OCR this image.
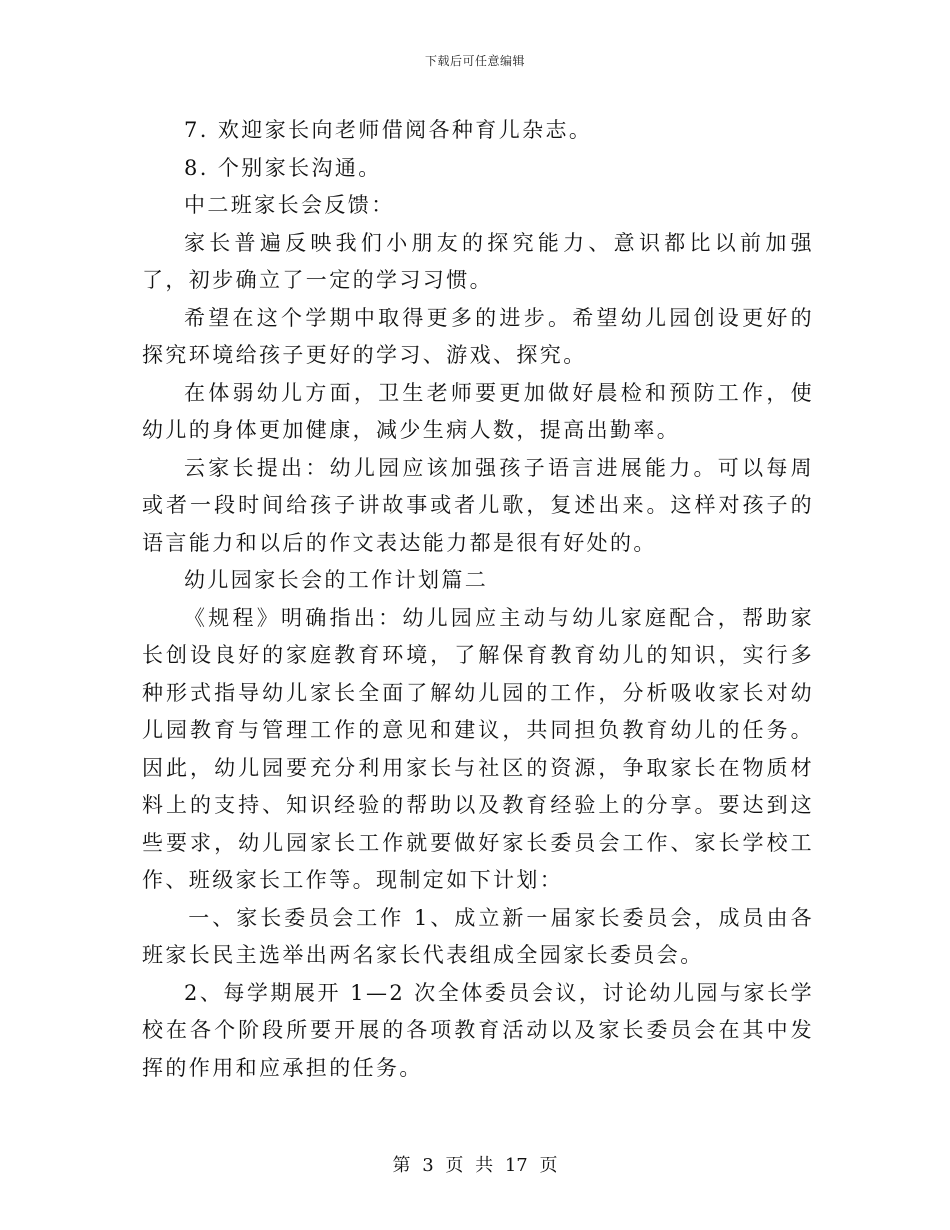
下载后可任意编辑

7. 欢迎家长向老师借阅各种育儿杂志。

8. 个别家长沟通。

中二班家长会反馈：

家长普遍反映我们小朋友的探究能力、意识都比以前加强了，初步确立了一定的学习习惯。

希望在这个学期中取得更多的进步。希望幼儿园创设更好的探究环境给孩子更好的学习、游戏、探究。

在体弱幼儿方面，卫生老师要更加做好晨检和预防工作，使幼儿的身体更加健康，减少生病人数，提高出勤率。

云家长提出：幼儿园应该加强孩子语言进展能力。可以每周或者一段时间给孩子讲故事或者儿歌，复述出来。这样对孩子的语言能力和以后的作文表达能力都是很有好处的。

幼儿园家长会的工作计划篇二

《规程》明确指出：幼儿园应主动与幼儿家庭配合，帮助家长创设良好的家庭教育环境，了解保育教育幼儿的知识，实行多种形式指导幼儿家长全面了解幼儿园的工作，分析吸收家长对幼儿园教育与管理工作的意见和建议，共同担负教育幼儿的任务。因此，幼儿园要充分利用家长与社区的资源，争取家长在物质材料上的支持、知识经验的帮助以及教育经验上的分享。要达到这些要求，幼儿园家长工作就要做好家长委员会工作、家长学校工作、班级家长工作等。现制定如下计划：

一、家长委员会工作 1、成立新一届家长委员会，成员由各班家长民主选举出两名家长代表组成全园家长委员会。

2、每学期展开 1—2 次全体委员会议，讨论幼儿园与家长学校在各个阶段所要开展的各项教育活动以及家长委员会在其中发挥的作用和应承担的任务。

第 3 页 共 17 页
